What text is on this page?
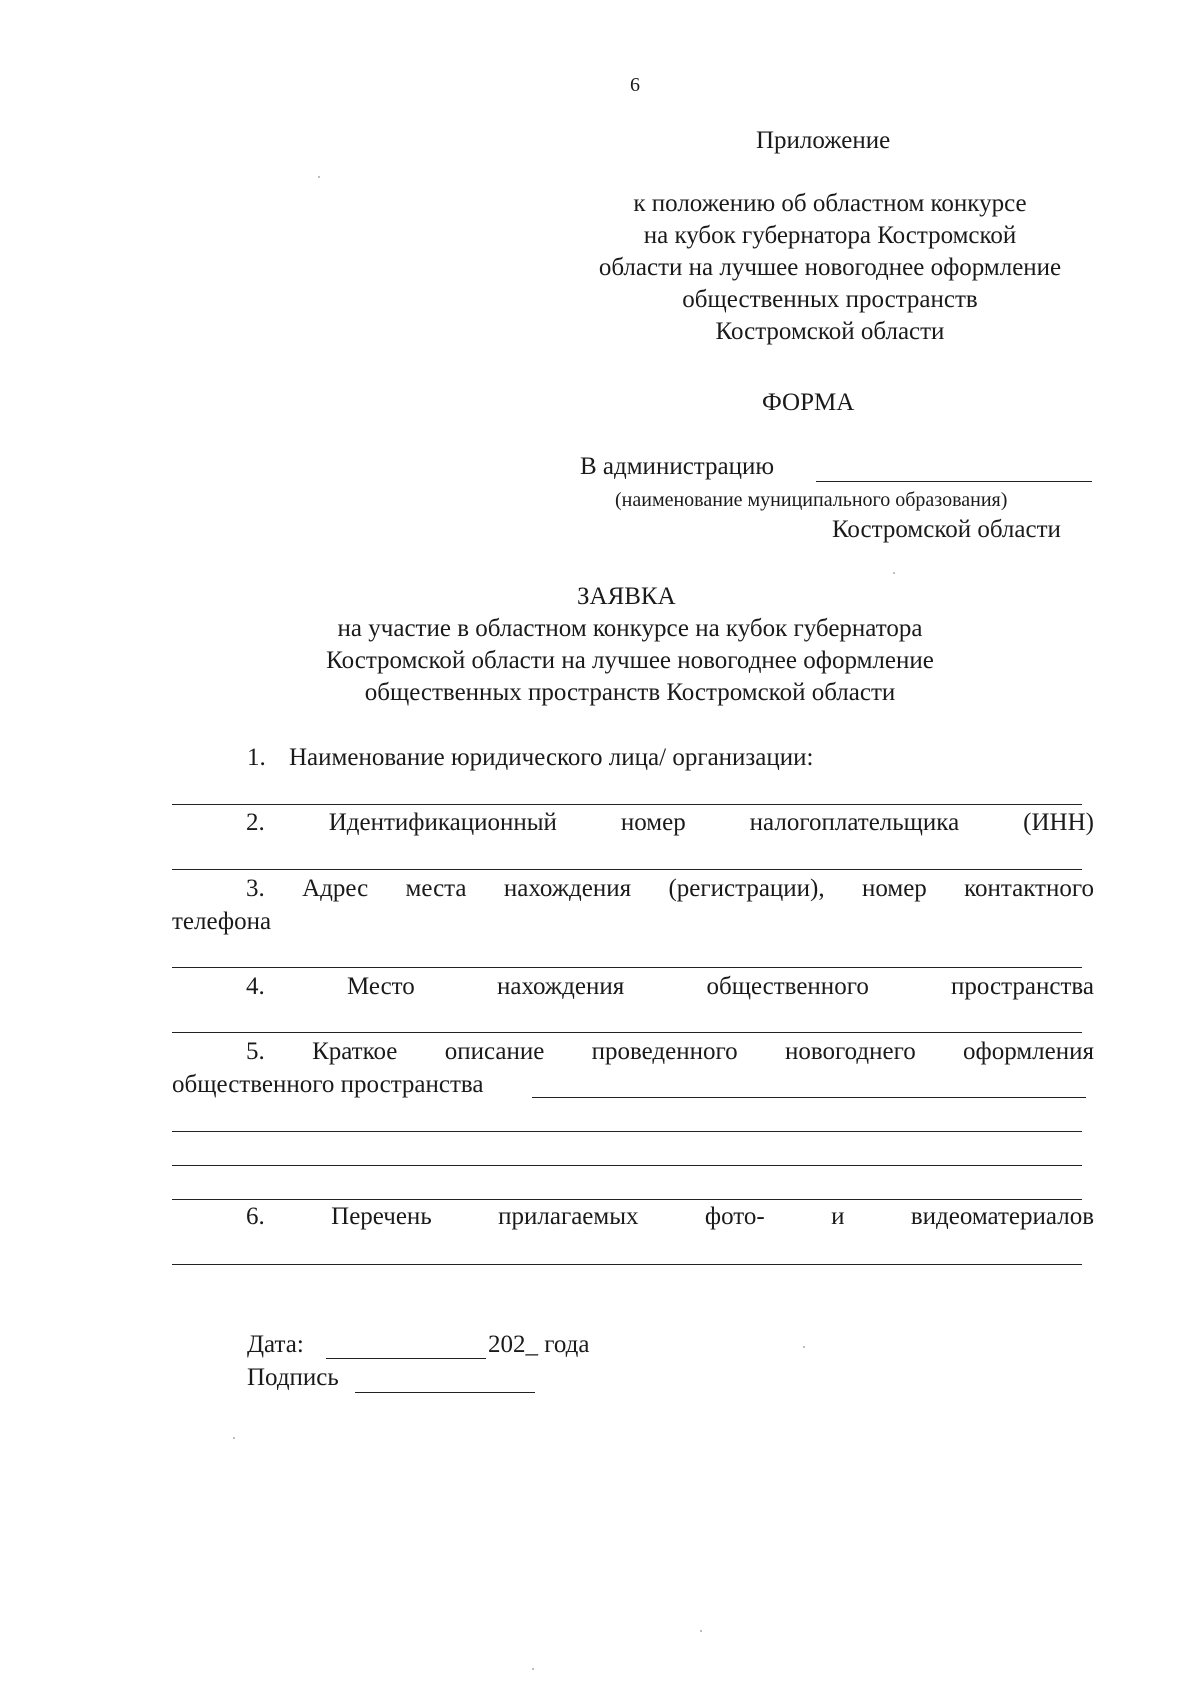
6
Приложение
к положению об областном конкурсе
на кубок губернатора Костромской
области на лучшее новогоднее оформление
общественных пространств
Костромской области
ФОРМА
В администрацию
(наименование муниципального образования)
Костромской области
ЗАЯВКА
на участие в областном конкурсе на кубок губернатора
Костромской области на лучшее новогоднее оформление
общественных пространств Костромской области
1. Наименование юридического лица/ организации:
2.	Идентификационный	номер	налогоплательщика	(ИНН)
3. Адрес места нахождения (регистрации), номер контактного
телефона
4.	Место	нахождения	общественного	пространства
5. Краткое описание проведенного новогоднего оформления
общественного пространства
6.	Перечень	прилагаемых	фото-	и	видеоматериалов
Дата:	202_ года
Подпись
